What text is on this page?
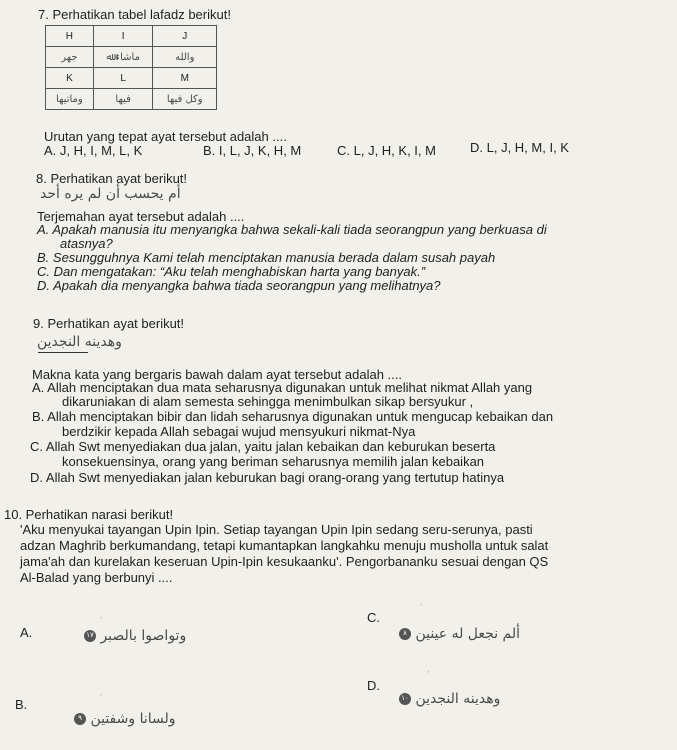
7. Perhatikan tabel lafadz berikut!
H	I	J
ﺟﮭﺮ	ﻣﺎﺷﺎﺀ ﷲ	ﻭﺍﻟﻠﻪ
K	L	M
ﻭﻣﺎﺗﯿﮭﺎ	ﻓﯿﮭﺎ	ﻭﻛﻞ ﻓﯿﮭﺎ
Urutan yang tepat ayat tersebut adalah ....
A. J, H, I, M, L, K	B. I, L, J, K, H, M	C. L, J, H, K, I, M	D. L, J, H, M, I, K
8. Perhatikan ayat berikut!
ﺃﻡ ﻳﺤﺴﺐ ﺃﻥ ﻟﻢ ﻳﺮﻩ ﺃﺣﺪ
Terjemahan ayat tersebut adalah ....
A. Apakah manusia itu menyangka bahwa sekali-kali tiada seorangpun yang berkuasa di
atasnya?
B. Sesungguhnya Kami telah menciptakan manusia berada dalam susah payah
C. Dan mengatakan: “Aku telah menghabiskan harta yang banyak.”
D. Apakah dia menyangka bahwa tiada seorangpun yang melihatnya?
9. Perhatikan ayat berikut!
ﻭﻫﺪﻳﻨﻪ ﺍﻟﻨﺠﺪﻳﻦ
Makna kata yang bergaris bawah dalam ayat tersebut adalah ....
A. Allah menciptakan dua mata seharusnya digunakan untuk melihat nikmat Allah yang
dikaruniakan di alam semesta sehingga menimbulkan sikap bersyukur ,
B. Allah menciptakan bibir dan lidah seharusnya digunakan untuk mengucap kebaikan dan
berdzikir kepada Allah sebagai wujud mensyukuri nikmat-Nya
C. Allah Swt menyediakan dua jalan, yaitu jalan kebaikan dan keburukan beserta
konsekuensinya, orang yang beriman seharusnya memilih jalan kebaikan
D. Allah Swt menyediakan jalan keburukan bagi orang-orang yang tertutup hatinya
10. Perhatikan narasi berikut!
'Aku menyukai tayangan Upin Ipin. Setiap tayangan Upin Ipin sedang seru-serunya, pasti
adzan Maghrib berkumandang, tetapi kumantapkan langkahku menuju mushollа untuk salat
jama'ah dan kurelakan keseruan Upin-Ipin kesukaanku'. Pengorbananku sesuai dengan QS
Al-Balad yang berbunyi ....
A.	١٧ ﻭﺗﻮﺍﺻﻮﺍ ﺑﺎﻟﺼﺒﺮ
C.
٨ ﺃﻟﻢ ﻧﺠﻌﻞ ﻟﻪ ﻋﻴﻨﻴﻦ
D.
١٠ ﻭﻫﺪﻳﻨﻪ ﺍﻟﻨﺠﺪﻳﻦ
B.
٩ ﻭﻟﺴﺎﻧﺎ ﻭﺷﻔﺘﻴﻦ
